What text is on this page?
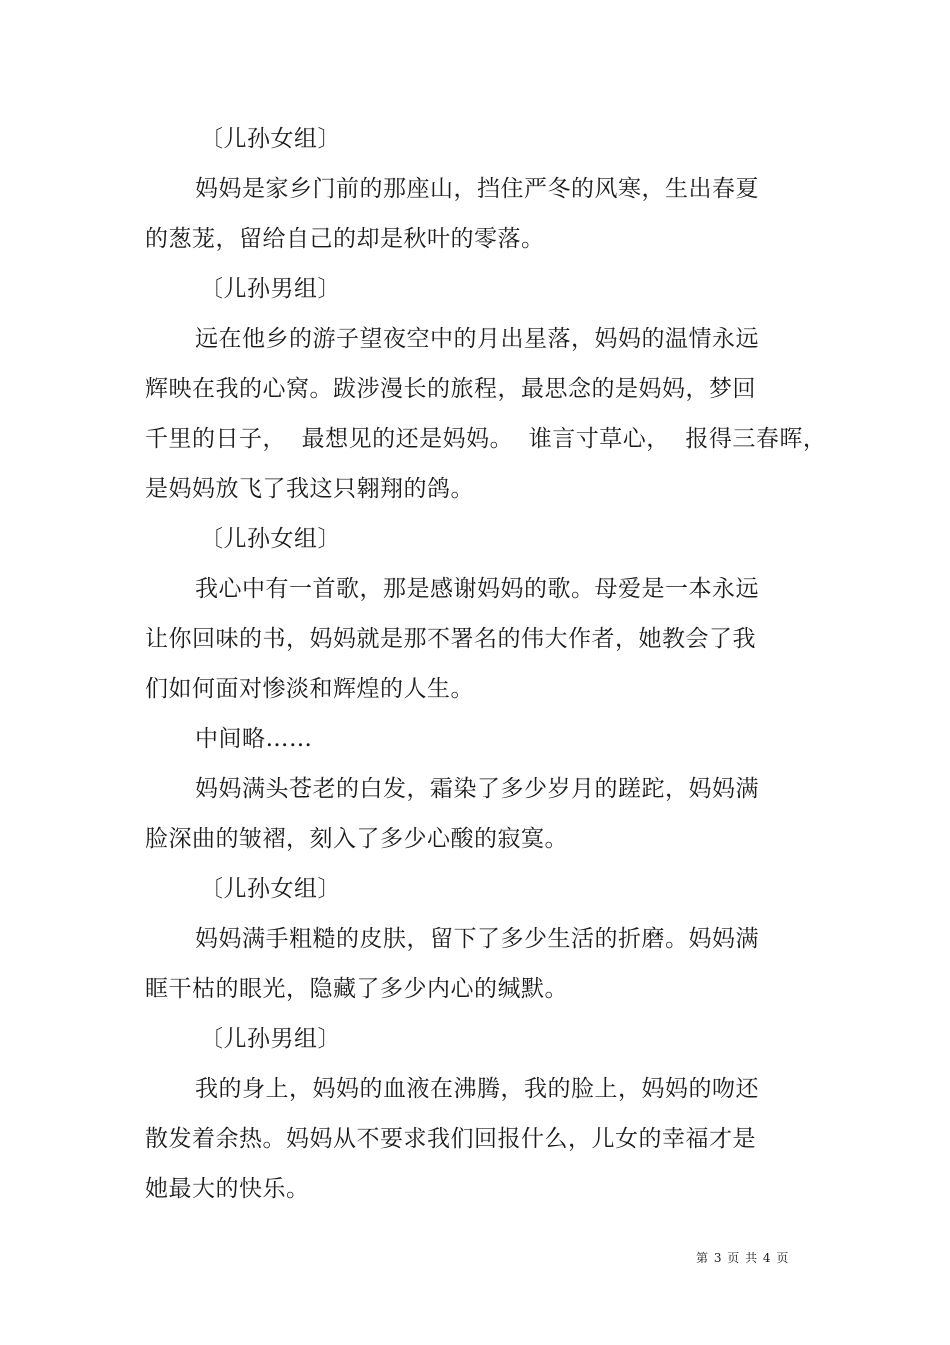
〔儿孙女组〕
妈妈是家乡门前的那座山，挡住严冬的风寒，生出春夏
的葱茏，留给自己的却是秋叶的零落。
〔儿孙男组〕
远在他乡的游子望夜空中的月出星落，妈妈的温情永远
辉映在我的心窝。跋涉漫长的旅程，最思念的是妈妈，梦回
千里的日子，  最想见的还是妈妈。  谁言寸草心，  报得三春晖，
是妈妈放飞了我这只翱翔的鸽。
〔儿孙女组〕
我心中有一首歌，那是感谢妈妈的歌。母爱是一本永远
让你回味的书，妈妈就是那不署名的伟大作者，她教会了我
们如何面对惨淡和辉煌的人生。
中间略……
妈妈满头苍老的白发，霜染了多少岁月的蹉跎，妈妈满
脸深曲的皱褶，刻入了多少心酸的寂寞。
〔儿孙女组〕
妈妈满手粗糙的皮肤，留下了多少生活的折磨。妈妈满
眶干枯的眼光，隐藏了多少内心的缄默。
〔儿孙男组〕
我的身上，妈妈的血液在沸腾，我的脸上，妈妈的吻还
散发着余热。妈妈从不要求我们回报什么，儿女的幸福才是
她最大的快乐。
第 3 页 共 4 页
